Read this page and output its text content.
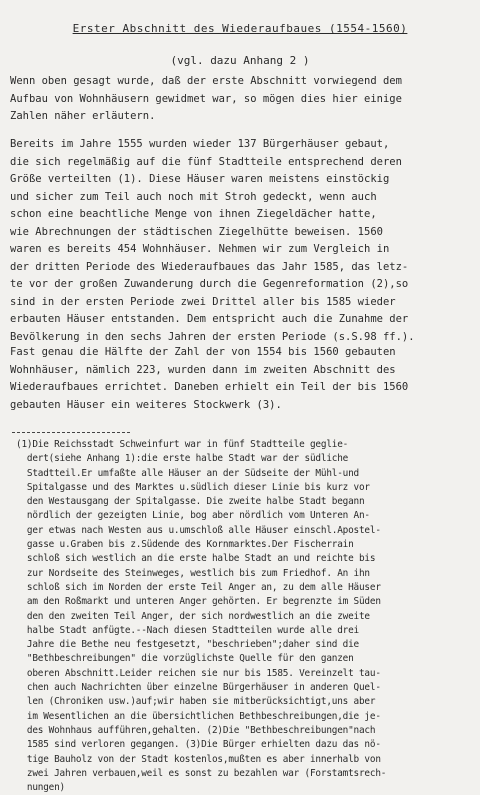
Erster Abschnitt des Wiederaufbaues (1554-1560)
(vgl. dazu Anhang 2 )

Wenn oben gesagt wurde, daß der erste Abschnitt vorwiegend dem
Aufbau von Wohnhäusern gewidmet war, so mögen dies hier einige
Zahlen näher erläutern.

Bereits im Jahre 1555 wurden wieder 137 Bürgerhäuser gebaut,
die sich regelmäßig auf die fünf Stadtteile entsprechend deren
Größe verteilten (1). Diese Häuser waren meistens einstöckig
und sicher zum Teil auch noch mit Stroh gedeckt, wenn auch
schon eine beachtliche Menge von ihnen Ziegeldächer hatte,
wie Abrechnungen der städtischen Ziegelhütte beweisen. 1560
waren es bereits 454 Wohnhäuser. Nehmen wir zum Vergleich in
der dritten Periode des Wiederaufbaues das Jahr 1585, das letz-
te vor der großen Zuwanderung durch die Gegenreformation (2),so
sind in der ersten Periode zwei Drittel aller bis 1585 wieder
erbauten Häuser entstanden. Dem entspricht auch die Zunahme der
Bevölkerung in den sechs Jahren der ersten Periode (s.S.98 ff.).

Fast genau die Hälfte der Zahl der von 1554 bis 1560 gebauten
Wohnhäuser, nämlich 223, wurden dann im zweiten Abschnitt des
Wiederaufbaues errichtet. Daneben erhielt ein Teil der bis 1560
gebauten Häuser ein weiteres Stockwerk (3).

(1)Die Reichsstadt Schweinfurt war in fünf Stadtteile geglie-
dert(siehe Anhang 1):die erste halbe Stadt war der südliche
Stadtteil.Er umfaßte alle Häuser an der Südseite der Mühl-und
Spitalgasse und des Marktes u.südlich dieser Linie bis kurz vor
den Westausgang der Spitalgasse. Die zweite halbe Stadt begann
nördlich der gezeigten Linie, bog aber nördlich vom Unteren An-
ger etwas nach Westen aus u.umschloß alle Häuser einschl.Apostel-
gasse u.Graben bis z.Südende des Kornmarktes.Der Fischerrain
schloß sich westlich an die erste halbe Stadt an und reichte bis
zur Nordseite des Steinweges, westlich bis zum Friedhof. An ihn
schloß sich im Norden der erste Teil Anger an, zu dem alle Häuser
am den Roßmarkt und unteren Anger gehörten. Er begrenzte im Süden
den den zweiten Teil Anger, der sich nordwestlich an die zweite
halbe Stadt anfügte.--Nach diesen Stadtteilen wurde alle drei
Jahre die Bethe neu festgesetzt, "beschrieben";daher sind die
"Bethbeschreibungen" die vorzüglichste Quelle für den ganzen
oberen Abschnitt.Leider reichen sie nur bis 1585. Vereinzelt tau-
chen auch Nachrichten über einzelne Bürgerhäuser in anderen Quel-
len (Chroniken usw.)auf;wir haben sie mitberücksichtigt,uns aber
im Wesentlichen an die übersichtlichen Bethbeschreibungen,die je-
des Wohnhaus aufführen,gehalten. (2)Die "Bethbeschreibungen"nach
1585 sind verloren gegangen. (3)Die Bürger erhielten dazu das nö-
tige Bauholz von der Stadt kostenlos,mußten es aber innerhalb von
zwei Jahren verbauen,weil es sonst zu bezahlen war (Forstamtsrech-
nungen)
